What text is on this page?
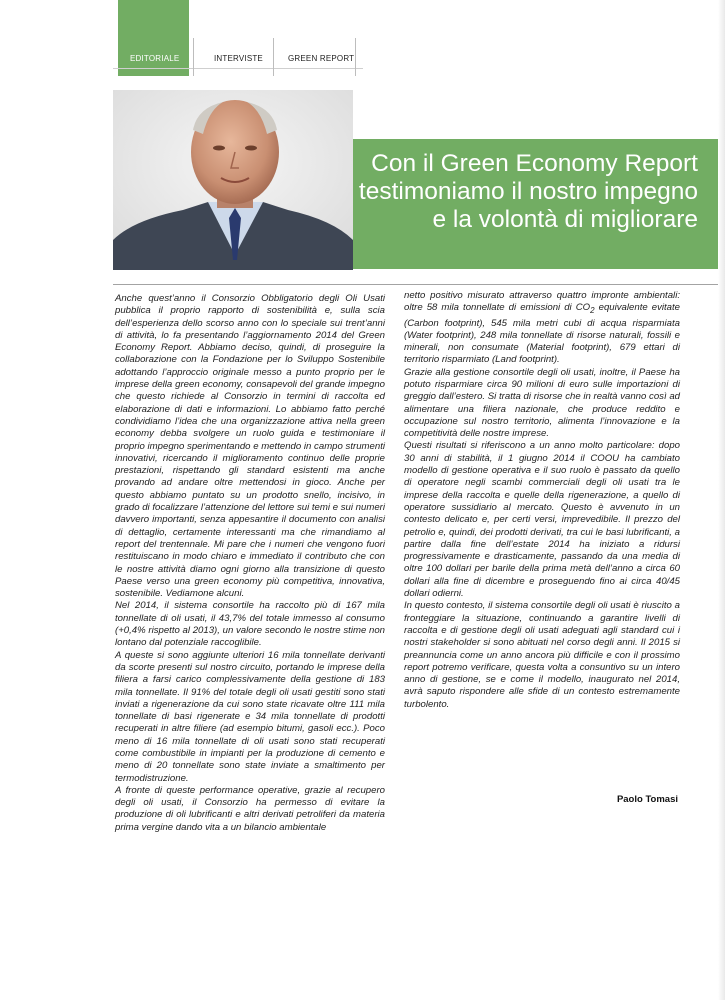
EDITORIALE	INTERVISTE	GREEN REPORT
Con il Green Economy Report
testimoniamo il nostro impegno
e la volontà di migliorare

Anche quest’anno il Consorzio Obbligatorio degli Oli Usati pubblica il proprio rapporto di sostenibilità e, sulla scia dell’esperienza dello scorso anno con lo speciale sui trent’anni di attività, lo fa presentando l’aggiornamento 2014 del Green Economy Report. Abbiamo deciso, quindi, di proseguire la collaborazione con la Fondazione per lo Sviluppo Sostenibile adottando l’approccio originale messo a punto proprio per le imprese della green economy, consapevoli del grande impegno che questo richiede al Consorzio in termini di raccolta ed elaborazione di dati e informazioni. Lo abbiamo fatto perché condividiamo l’idea che una organizzazione attiva nella green economy debba svolgere un ruolo guida e testimoniare il proprio impegno sperimentando e mettendo in campo strumenti innovativi, ricercando il miglioramento continuo delle proprie prestazioni, rispettando gli standard esistenti ma anche provando ad andare oltre mettendosi in gioco. Anche per questo abbiamo puntato su un prodotto snello, incisivo, in grado di focalizzare l’attenzione del lettore sui temi e sui numeri davvero importanti, senza appesantire il documento con analisi di dettaglio, certamente interessanti ma che rimandiamo al report del trentennale. Mi pare che i numeri che vengono fuori restituiscano in modo chiaro e immediato il contributo che con le nostre attività diamo ogni giorno alla transizione di questo Paese verso una green economy più competitiva, innovativa, sostenibile. Vediamone alcuni.

Nel 2014, il sistema consortile ha raccolto più di 167 mila tonnellate di oli usati, il 43,7% del totale immesso al consumo (+0,4% rispetto al 2013), un valore secondo le nostre stime non lontano dal potenziale raccoglibile.

A queste si sono aggiunte ulteriori 16 mila tonnellate derivanti da scorte presenti sul nostro circuito, portando le imprese della filiera a farsi carico complessivamente della gestione di 183 mila tonnellate. Il 91% del totale degli oli usati gestiti sono stati inviati a rigenerazione da cui sono state ricavate oltre 111 mila tonnellate di basi rigenerate e 34 mila tonnellate di prodotti recuperati in altre filiere (ad esempio bitumi, gasoli ecc.). Poco meno di 16 mila tonnellate di oli usati sono stati recuperati come combustibile in impianti per la produzione di cemento e meno di 20 tonnellate sono state inviate a smaltimento per termodistruzione.

A fronte di queste performance operative, grazie al recupero degli oli usati, il Consorzio ha permesso di evitare la produzione di oli lubrificanti e altri derivati petroliferi da materia prima vergine dando vita a un bilancio ambientale

netto positivo misurato attraverso quattro impronte ambientali: oltre 58 mila tonnellate di emissioni di $CO_2$ equivalente evitate (Carbon footprint), 545 mila metri cubi di acqua risparmiata (Water footprint), 248 mila tonnellate di risorse naturali, fossili e minerali, non consumate (Material footprint), 679 ettari di territorio risparmiato (Land footprint).

Grazie alla gestione consortile degli oli usati, inoltre, il Paese ha potuto risparmiare circa 90 milioni di euro sulle importazioni di greggio dall’estero. Si tratta di risorse che in realtà vanno così ad alimentare una filiera nazionale, che produce reddito e occupazione sul nostro territorio, alimenta l’innovazione e la competitività delle nostre imprese.

Questi risultati si riferiscono a un anno molto particolare: dopo 30 anni di stabilità, il 1 giugno 2014 il COOU ha cambiato modello di gestione operativa e il suo ruolo è passato da quello di operatore negli scambi commerciali degli oli usati tra le imprese della raccolta e quelle della rigenerazione, a quello di operatore sussidiario al mercato. Questo è avvenuto in un contesto delicato e, per certi versi, imprevedibile. Il prezzo del petrolio e, quindi, dei prodotti derivati, tra cui le basi lubrificanti, a partire dalla fine dell’estate 2014 ha iniziato a ridursi progressivamente e drasticamente, passando da una media di oltre 100 dollari per barile della prima metà dell’anno a circa 60 dollari alla fine di dicembre e proseguendo fino ai circa 40/45 dollari odierni.

In questo contesto, il sistema consortile degli oli usati è riuscito a fronteggiare la situazione, continuando a garantire livelli di raccolta e di gestione degli oli usati adeguati agli standard cui i nostri stakeholder si sono abituati nel corso degli anni. Il 2015 si preannuncia come un anno ancora più difficile e con il prossimo report potremo verificare, questa volta a consuntivo su un intero anno di gestione, se e come il modello, inaugurato nel 2014, avrà saputo rispondere alle sfide di un contesto estremamente turbolento.

Paolo Tomasi
